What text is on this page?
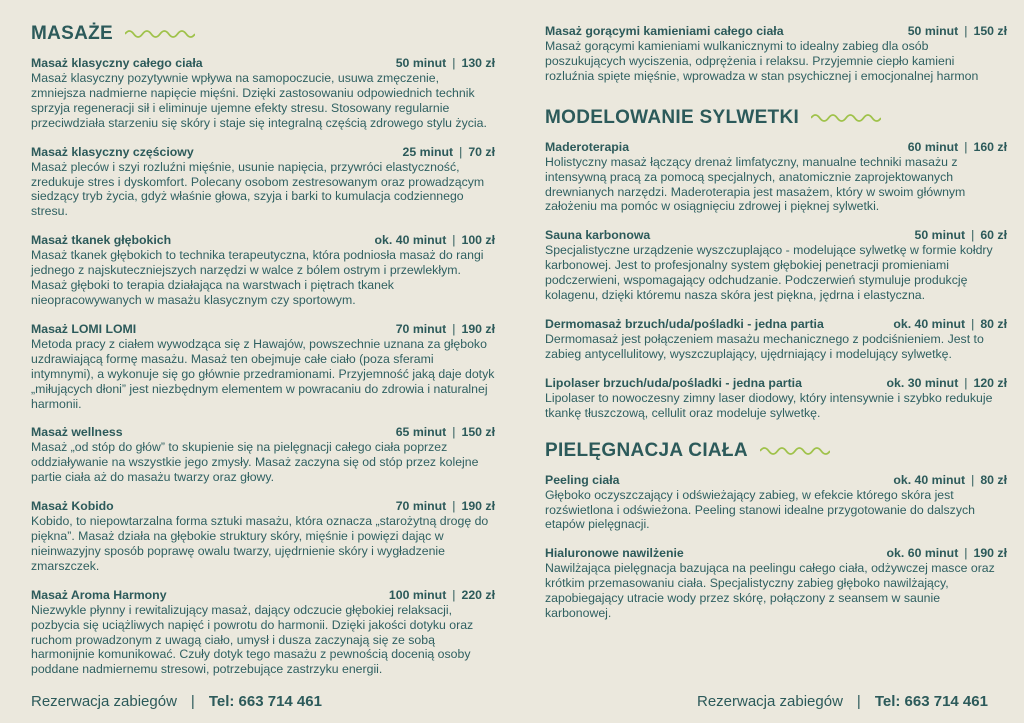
MASAŻE
Masaż klasyczny całego ciała	50 minut | 130 zł
Masaż klasyczny pozytywnie wpływa na samopoczucie, usuwa zmęczenie, zmniejsza nadmierne napięcie mięśni. Dzięki zastosowaniu odpowiednich technik sprzyja regeneracji sił i eliminuje ujemne efekty stresu. Stosowany regularnie przeciwdziała starzeniu się skóry i staje się integralną częścią zdrowego stylu życia.
Masaż klasyczny częściowy	25 minut | 70 zł
Masaż pleców i szyi rozluźni mięśnie, usunie napięcia, przywróci elastyczność, zredukuje stres i dyskomfort. Polecany osobom zestresowanym oraz prowadzącym siedzący tryb życia, gdyż właśnie głowa, szyja i barki to kumulacja codziennego stresu.
Masaż tkanek głębokich	ok. 40 minut | 100 zł
Masaż tkanek głębokich to technika terapeutyczna, która podniosła masaż do rangi jednego z najskuteczniejszych narzędzi w walce z bólem ostrym i przewlekłym. Masaż głęboki to terapia działająca na warstwach i piętrach tkanek nieopracowywanych w masażu klasycznym czy sportowym.
Masaż LOMI LOMI	70 minut | 190 zł
Metoda pracy z ciałem wywodząca się z Hawajów, powszechnie uznana za głęboko uzdrawiającą formę masażu. Masaż ten obejmuje całe ciało (poza sferami intymnymi), a wykonuje się go głównie przedramionami. Przyjemność jaką daje dotyk „miłujących dłoni” jest niezbędnym elementem w powracaniu do zdrowia i naturalnej harmonii.
Masaż wellness	65 minut | 150 zł
Masaż „od stóp do głów” to skupienie się na pielęgnacji całego ciała poprzez oddziaływanie na wszystkie jego zmysły. Masaż zaczyna się od stóp przez kolejne partie ciała aż do masażu twarzy oraz głowy.
Masaż Kobido	70 minut | 190 zł
Kobido, to niepowtarzalna forma sztuki masażu, która oznacza „starożytną drogę do piękna”. Masaż działa na głębokie struktury skóry, mięśnie i powięzi dając w nieinwazyjny sposób poprawę owalu twarzy, ujędrnienie skóry i wygładzenie zmarszczek.
Masaż Aroma Harmony	100 minut | 220 zł
Niezwykle płynny i rewitalizujący masaż, dający odczucie głębokiej relaksacji, pozbycia się uciążliwych napięć i powrotu do harmonii. Dzięki jakości dotyku oraz ruchom prowadzonym z uwagą ciało, umysł i dusza zaczynają się ze sobą harmonijnie komunikować. Czuły dotyk tego masażu z pewnością docenią osoby poddane nadmiernemu stresowi, potrzebujące zastrzyku energii.
Masaż gorącymi kamieniami całego ciała	50 minut | 150 zł
Masaż gorącymi kamieniami wulkanicznymi to idealny zabieg dla osób poszukujących wyciszenia, odprężenia i relaksu. Przyjemnie ciepło kamieni rozluźnia spięte mięśnie, wprowadza w stan psychicznej i emocjonalnej harmon
MODELOWANIE SYLWETKI
Maderoterapia	60 minut | 160 zł
Holistyczny masaż łączący drenaż limfatyczny, manualne techniki masażu z intensywną pracą za pomocą specjalnych, anatomicznie zaprojektowanych drewnianych narzędzi. Maderoterapia jest masażem, który w swoim głównym założeniu ma pomóc w osiągnięciu zdrowej i pięknej sylwetki.
Sauna karbonowa	50 minut | 60 zł
Specjalistyczne urządzenie wyszczuplająco - modelujące sylwetkę w formie kołdry karbonowej. Jest to profesjonalny system głębokiej penetracji promieniami podczerwieni, wspomagający odchudzanie. Podczerwień stymuluje produkcję kolagenu, dzięki któremu nasza skóra jest piękna, jędrna i elastyczna.
Dermomasaż brzuch/uda/pośladki - jedna partia	ok. 40 minut | 80 zł
Dermomasaż jest połączeniem masażu mechanicznego z podciśnieniem. Jest to zabieg antycellulitowy, wyszczuplający, ujędrniający i modelujący sylwetkę.
Lipolaser brzuch/uda/pośladki - jedna partia	ok. 30 minut | 120 zł
Lipolaser to nowoczesny zimny laser diodowy, który intensywnie i szybko redukuje tkankę tłuszczową, cellulit oraz modeluje sylwetkę.
PIELĘGNACJA CIAŁA
Peeling ciała	ok. 40 minut | 80 zł
Głęboko oczyszczający i odświeżający zabieg, w efekcie którego skóra jest rozświetlona i odświeżona. Peeling stanowi idealne przygotowanie do dalszych etapów pielęgnacji.
Hialuronowe nawilżenie	ok. 60 minut | 190 zł
Nawilżająca pielęgnacja bazująca na peelingu całego ciała, odżywczej masce oraz krótkim przemasowaniu ciała. Specjalistyczny zabieg głęboko nawilżający, zapobiegający utracie wody przez skórę, połączony z seansem w saunie karbonowej.
Rezerwacja zabiegów | Tel: 663 714 461	Rezerwacja zabiegów | Tel: 663 714 461
